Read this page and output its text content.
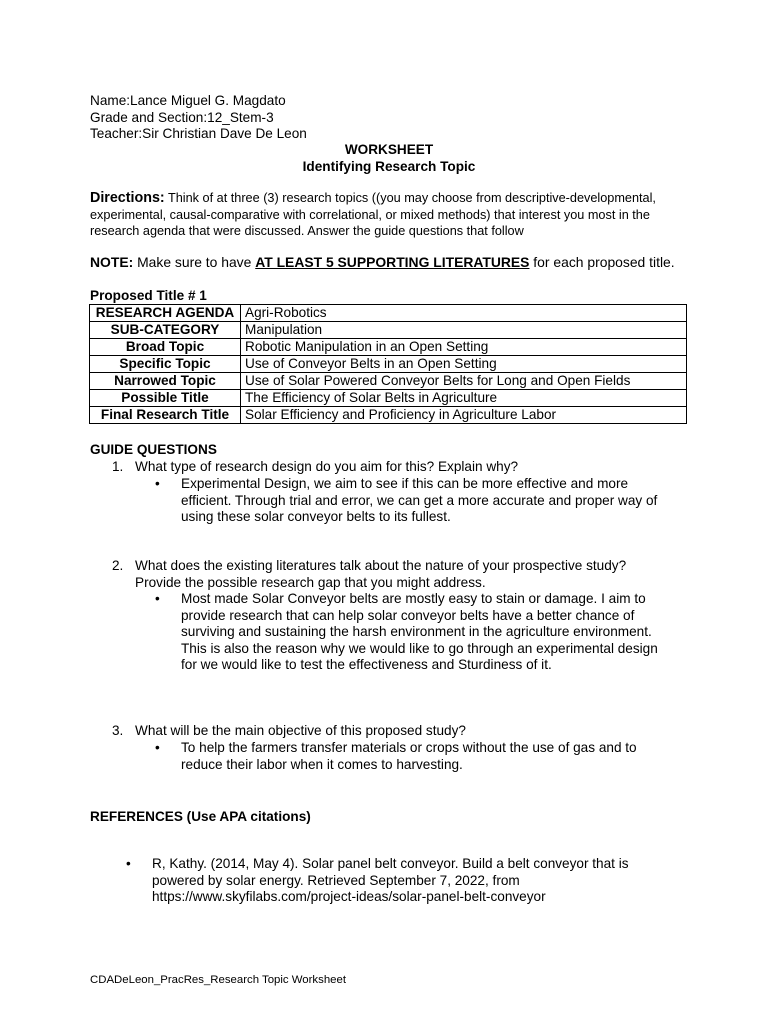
Name:Lance Miguel G. Magdato
Grade and Section:12_Stem-3
Teacher:Sir Christian Dave De Leon
WORKSHEET
Identifying Research Topic
Directions: Think of at three (3) research topics ((you may choose from descriptive-developmental, experimental, causal-comparative with correlational, or mixed methods) that interest you most in the research agenda that were discussed. Answer the guide questions that follow
NOTE: Make sure to have AT LEAST 5 SUPPORTING LITERATURES for each proposed title.
Proposed Title # 1
RESEARCH AGENDA	Agri-Robotics
SUB-CATEGORY	Manipulation
Broad Topic	Robotic Manipulation in an Open Setting
Specific Topic	Use of Conveyor Belts in an Open Setting
Narrowed Topic	Use of Solar Powered Conveyor Belts for Long and Open Fields
Possible Title	The Efficiency of Solar Belts in Agriculture
Final Research Title	Solar Efficiency and Proficiency in Agriculture Labor
GUIDE QUESTIONS
1. What type of research design do you aim for this? Explain why?
• Experimental Design, we aim to see if this can be more effective and more efficient. Through trial and error, we can get a more accurate and proper way of using these solar conveyor belts to its fullest.
2. What does the existing literatures talk about the nature of your prospective study? Provide the possible research gap that you might address.
• Most made Solar Conveyor belts are mostly easy to stain or damage. I aim to provide research that can help solar conveyor belts have a better chance of surviving and sustaining the harsh environment in the agriculture environment. This is also the reason why we would like to go through an experimental design for we would like to test the effectiveness and Sturdiness of it.
3. What will be the main objective of this proposed study?
• To help the farmers transfer materials or crops without the use of gas and to reduce their labor when it comes to harvesting.
REFERENCES (Use APA citations)
• R, Kathy. (2014, May 4). Solar panel belt conveyor. Build a belt conveyor that is powered by solar energy. Retrieved September 7, 2022, from https://www.skyfilabs.com/project-ideas/solar-panel-belt-conveyor
CDADeLeon_PracRes_Research Topic Worksheet
